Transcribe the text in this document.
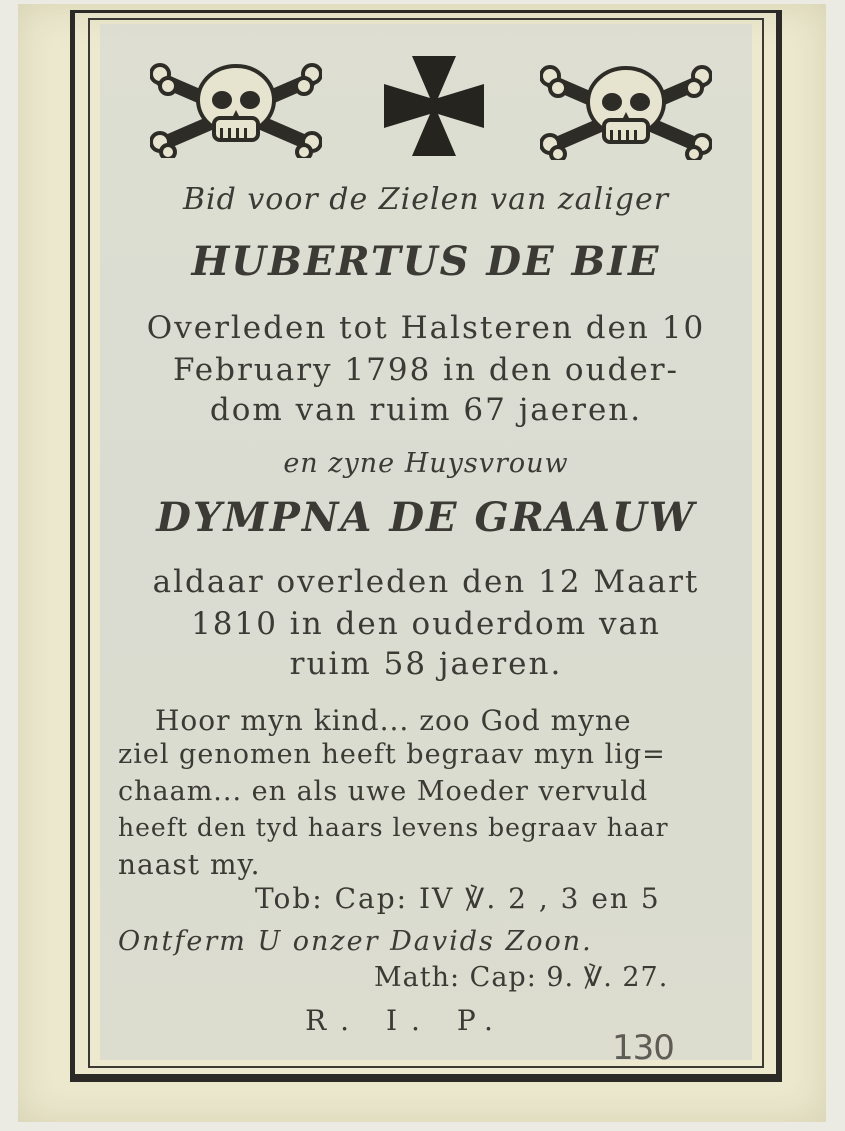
Bid voor de Zielen van zaliger
HUBERTUS DE BIE
Overleden tot Halsteren den 10
February 1798 in den ouder-
dom van ruim 67 jaeren.
en zyne Huysvrouw
DYMPNA DE GRAAUW
aldaar overleden den 12 Maart
1810 in den ouderdom van
ruim 58 jaeren.
Hoor myn kind... zoo God myne
ziel genomen heeft begraav myn lig=
chaam... en als uwe Moeder vervuld
heeft den tyd haars levens begraav haar
naast my.
Tob: Cap: IV ℣. 2 , 3 en 5
Ontferm U onzer Davids Zoon.
Math: Cap: 9. ℣. 27.
R. I. P.
130
